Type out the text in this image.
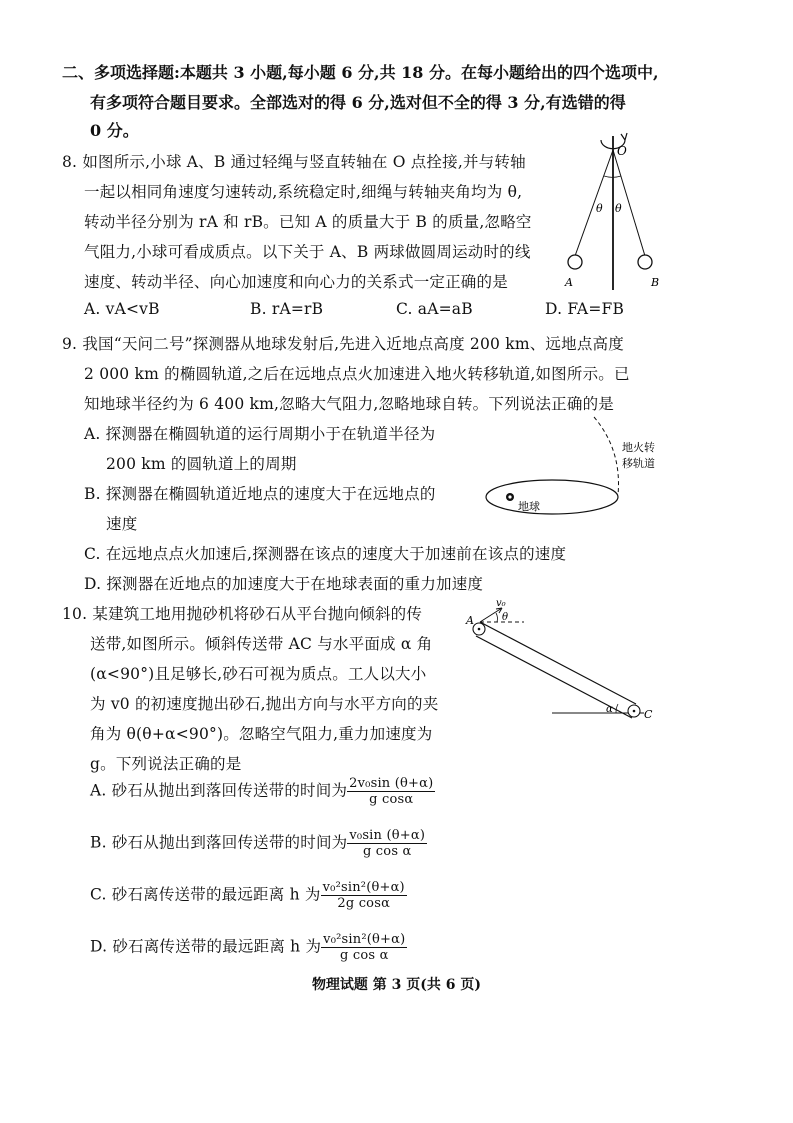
二、多项选择题:本题共 3 小题,每小题 6 分,共 18 分。在每小题给出的四个选项中,
有多项符合题目要求。全部选对的得 6 分,选对但不全的得 3 分,有选错的得
0 分。
8. 如图所示,小球 A、B 通过轻绳与竖直转轴在 O 点拴接,并与转轴
一起以相同角速度匀速转动,系统稳定时,细绳与转轴夹角均为 θ,
转动半径分别为 rA 和 rB。已知 A 的质量大于 B 的质量,忽略空
气阻力,小球可看成质点。以下关于 A、B 两球做圆周运动时的线
速度、转动半径、向心加速度和向心力的关系式一定正确的是
A. vA<vB	B. rA=rB	C. aA=aB	D. FA=FB
O
θ θ
A	B
9. 我国“天问二号”探测器从地球发射后,先进入近地点高度 200 km、远地点高度
2 000 km 的椭圆轨道,之后在远地点点火加速进入地火转移轨道,如图所示。已
知地球半径约为 6 400 km,忽略大气阻力,忽略地球自转。下列说法正确的是
A. 探测器在椭圆轨道的运行周期小于在轨道半径为
200 km 的圆轨道上的周期
B. 探测器在椭圆轨道近地点的速度大于在远地点的
速度
C. 在远地点点火加速后,探测器在该点的速度大于加速前在该点的速度
D. 探测器在近地点的加速度大于在地球表面的重力加速度
地球
地火转
移轨道
10. 某建筑工地用抛砂机将砂石从平台抛向倾斜的传
送带,如图所示。倾斜传送带 AC 与水平面成 α 角
(α<90°)且足够长,砂石可视为质点。工人以大小
为 v0 的初速度抛出砂石,抛出方向与水平方向的夹
角为 θ(θ+α<90°)。忽略空气阻力,重力加速度为
g。下列说法正确的是
A. 砂石从抛出到落回传送带的时间为 $\frac{\text{2v₀sin (θ+α)}}{\text{g cosα}}$
B. 砂石从抛出到落回传送带的时间为 $\frac{\text{v₀sin (θ+α)}}{\text{g cos α}}$
C. 砂石离传送带的最远距离 h 为 $\frac{\text{v₀²sin²(θ+α)}}{\text{2g cosα}}$
D. 砂石离传送带的最远距离 h 为 $\frac{\text{v₀²sin²(θ+α)}}{\text{g cos α}}$
A
C
v₀
θ
α
物理试题 第 3 页(共 6 页)
